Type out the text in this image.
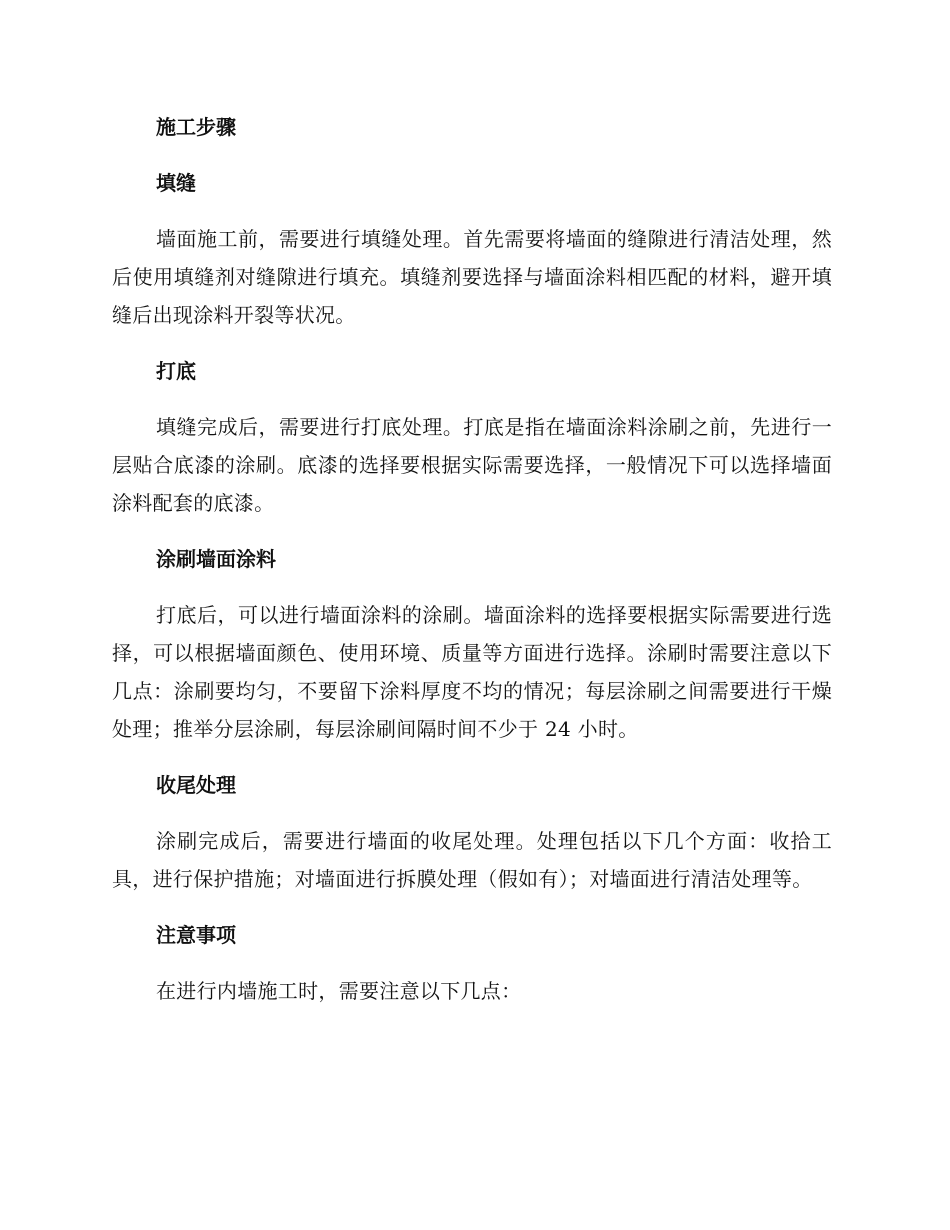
施工步骤
填缝

墙面施工前，需要进行填缝处理。首先需要将墙面的缝隙进行清洁处理，然后使用填缝剂对缝隙进行填充。填缝剂要选择与墙面涂料相匹配的材料，避开填缝后出现涂料开裂等状况。

打底

填缝完成后，需要进行打底处理。打底是指在墙面涂料涂刷之前，先进行一层贴合底漆的涂刷。底漆的选择要根据实际需要选择，一般情况下可以选择墙面涂料配套的底漆。

涂刷墙面涂料

打底后，可以进行墙面涂料的涂刷。墙面涂料的选择要根据实际需要进行选择，可以根据墙面颜色、使用环境、质量等方面进行选择。涂刷时需要注意以下几点：涂刷要均匀，不要留下涂料厚度不均的情况；每层涂刷之间需要进行干燥处理；推举分层涂刷，每层涂刷间隔时间不少于 24 小时。

收尾处理

涂刷完成后，需要进行墙面的收尾处理。处理包括以下几个方面：收拾工具，进行保护措施；对墙面进行拆膜处理（假如有）；对墙面进行清洁处理等。

注意事项

在进行内墙施工时，需要注意以下几点：
